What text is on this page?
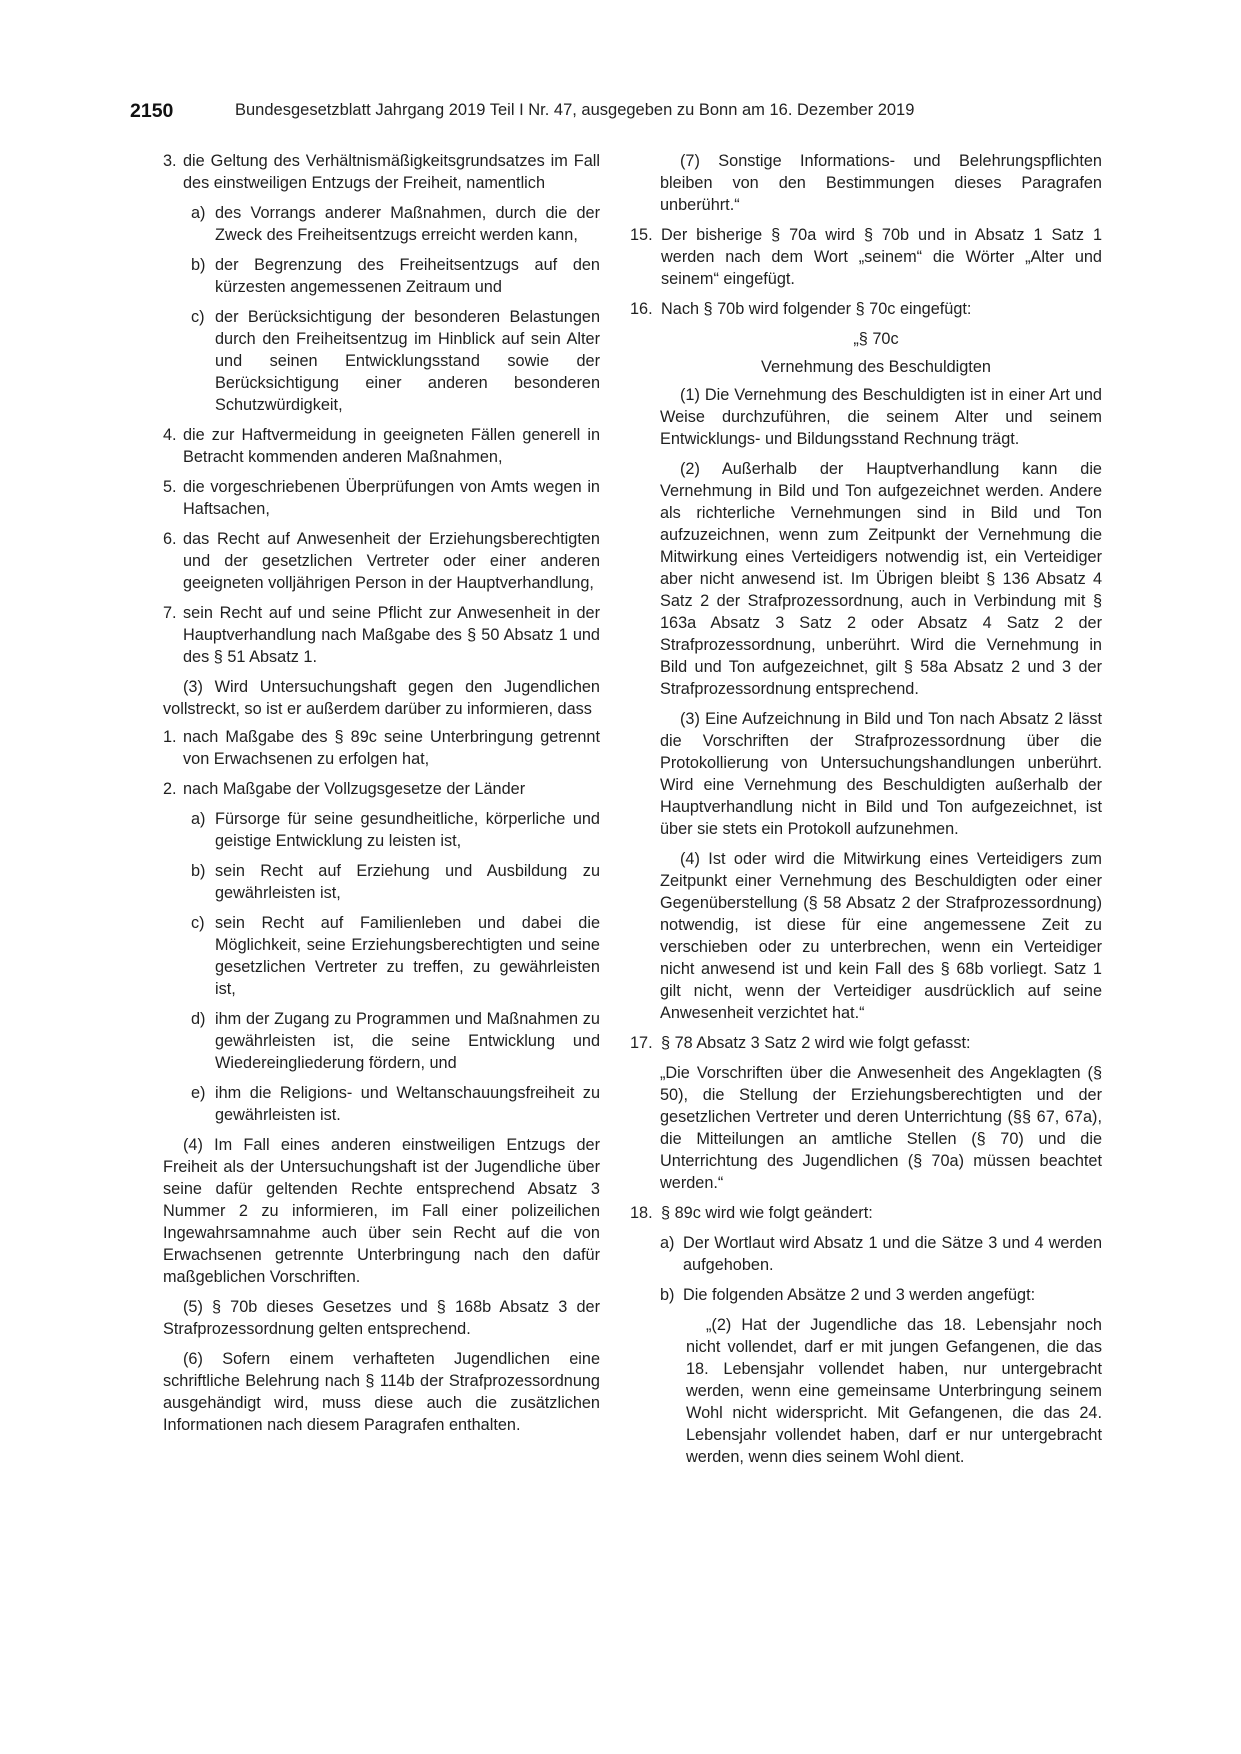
2150	Bundesgesetzblatt Jahrgang 2019 Teil I Nr. 47, ausgegeben zu Bonn am 16. Dezember 2019
3. die Geltung des Verhältnismäßigkeitsgrundsatzes im Fall des einstweiligen Entzugs der Freiheit, namentlich
a) des Vorrangs anderer Maßnahmen, durch die der Zweck des Freiheitsentzugs erreicht werden kann,
b) der Begrenzung des Freiheitsentzugs auf den kürzesten angemessenen Zeitraum und
c) der Berücksichtigung der besonderen Belastungen durch den Freiheitsentzug im Hinblick auf sein Alter und seinen Entwicklungsstand sowie der Berücksichtigung einer anderen besonderen Schutzwürdigkeit,
4. die zur Haftvermeidung in geeigneten Fällen generell in Betracht kommenden anderen Maßnahmen,
5. die vorgeschriebenen Überprüfungen von Amts wegen in Haftsachen,
6. das Recht auf Anwesenheit der Erziehungsberechtigten und der gesetzlichen Vertreter oder einer anderen geeigneten volljährigen Person in der Hauptverhandlung,
7. sein Recht auf und seine Pflicht zur Anwesenheit in der Hauptverhandlung nach Maßgabe des § 50 Absatz 1 und des § 51 Absatz 1.

(3) Wird Untersuchungshaft gegen den Jugendlichen vollstreckt, so ist er außerdem darüber zu informieren, dass

1. nach Maßgabe des § 89c seine Unterbringung getrennt von Erwachsenen zu erfolgen hat,
2. nach Maßgabe der Vollzugsgesetze der Länder
a) Fürsorge für seine gesundheitliche, körperliche und geistige Entwicklung zu leisten ist,
b) sein Recht auf Erziehung und Ausbildung zu gewährleisten ist,
c) sein Recht auf Familienleben und dabei die Möglichkeit, seine Erziehungsberechtigten und seine gesetzlichen Vertreter zu treffen, zu gewährleisten ist,
d) ihm der Zugang zu Programmen und Maßnahmen zu gewährleisten ist, die seine Entwicklung und Wiedereingliederung fördern, und
e) ihm die Religions- und Weltanschauungsfreiheit zu gewährleisten ist.

(4) Im Fall eines anderen einstweiligen Entzugs der Freiheit als der Untersuchungshaft ist der Jugendliche über seine dafür geltenden Rechte entsprechend Absatz 3 Nummer 2 zu informieren, im Fall einer polizeilichen Ingewahrsamnahme auch über sein Recht auf die von Erwachsenen getrennte Unterbringung nach den dafür maßgeblichen Vorschriften.

(5) § 70b dieses Gesetzes und § 168b Absatz 3 der Strafprozessordnung gelten entsprechend.

(6) Sofern einem verhafteten Jugendlichen eine schriftliche Belehrung nach § 114b der Strafprozessordnung ausgehändigt wird, muss diese auch die zusätzlichen Informationen nach diesem Paragrafen enthalten.

(7) Sonstige Informations- und Belehrungspflichten bleiben von den Bestimmungen dieses Paragrafen unberührt.“

15. Der bisherige § 70a wird § 70b und in Absatz 1 Satz 1 werden nach dem Wort „seinem“ die Wörter „Alter und seinem“ eingefügt.
16. Nach § 70b wird folgender § 70c eingefügt:
„§ 70c
Vernehmung des Beschuldigten

(1) Die Vernehmung des Beschuldigten ist in einer Art und Weise durchzuführen, die seinem Alter und seinem Entwicklungs- und Bildungsstand Rechnung trägt.

(2) Außerhalb der Hauptverhandlung kann die Vernehmung in Bild und Ton aufgezeichnet werden. Andere als richterliche Vernehmungen sind in Bild und Ton aufzuzeichnen, wenn zum Zeitpunkt der Vernehmung die Mitwirkung eines Verteidigers notwendig ist, ein Verteidiger aber nicht anwesend ist. Im Übrigen bleibt § 136 Absatz 4 Satz 2 der Strafprozessordnung, auch in Verbindung mit § 163a Absatz 3 Satz 2 oder Absatz 4 Satz 2 der Strafprozessordnung, unberührt. Wird die Vernehmung in Bild und Ton aufgezeichnet, gilt § 58a Absatz 2 und 3 der Strafprozessordnung entsprechend.

(3) Eine Aufzeichnung in Bild und Ton nach Absatz 2 lässt die Vorschriften der Strafprozessordnung über die Protokollierung von Untersuchungshandlungen unberührt. Wird eine Vernehmung des Beschuldigten außerhalb der Hauptverhandlung nicht in Bild und Ton aufgezeichnet, ist über sie stets ein Protokoll aufzunehmen.

(4) Ist oder wird die Mitwirkung eines Verteidigers zum Zeitpunkt einer Vernehmung des Beschuldigten oder einer Gegenüberstellung (§ 58 Absatz 2 der Strafprozessordnung) notwendig, ist diese für eine angemessene Zeit zu verschieben oder zu unterbrechen, wenn ein Verteidiger nicht anwesend ist und kein Fall des § 68b vorliegt. Satz 1 gilt nicht, wenn der Verteidiger ausdrücklich auf seine Anwesenheit verzichtet hat.“

17. § 78 Absatz 3 Satz 2 wird wie folgt gefasst:

„Die Vorschriften über die Anwesenheit des Angeklagten (§ 50), die Stellung der Erziehungsberechtigten und der gesetzlichen Vertreter und deren Unterrichtung (§§ 67, 67a), die Mitteilungen an amtliche Stellen (§ 70) und die Unterrichtung des Jugendlichen (§ 70a) müssen beachtet werden.“

18. § 89c wird wie folgt geändert:
a) Der Wortlaut wird Absatz 1 und die Sätze 3 und 4 werden aufgehoben.
b) Die folgenden Absätze 2 und 3 werden angefügt:

„(2) Hat der Jugendliche das 18. Lebensjahr noch nicht vollendet, darf er mit jungen Gefangenen, die das 18. Lebensjahr vollendet haben, nur untergebracht werden, wenn eine gemeinsame Unterbringung seinem Wohl nicht widerspricht. Mit Gefangenen, die das 24. Lebensjahr vollendet haben, darf er nur untergebracht werden, wenn dies seinem Wohl dient.
